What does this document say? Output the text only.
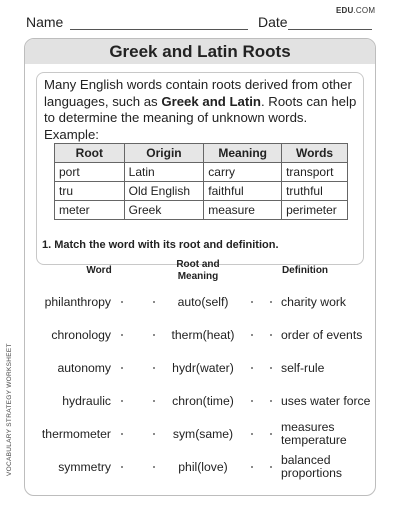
Name	Date
EDU.COM
Greek and Latin Roots

Many English words contain roots derived from other languages, such as Greek and Latin. Roots can help to determine the meaning of unknown words.
Example:

Root	Origin	Meaning	Words
port	Latin	carry	transport
tru	Old English	faithful	truthful
meter	Greek	measure	perimeter
1. Match the word with its root and definition.
Word
Root and
Meaning
Definition
philanthropy	auto(self)	charity work
chronology	therm(heat)	order of events
autonomy	hydr(water)	self-rule
hydraulic	chron(time)	uses water force
thermometer	sym(same)	measures temperature
symmetry	phil(love)	balanced proportions
VOCABULARY STRATEGY WORKSHEET
